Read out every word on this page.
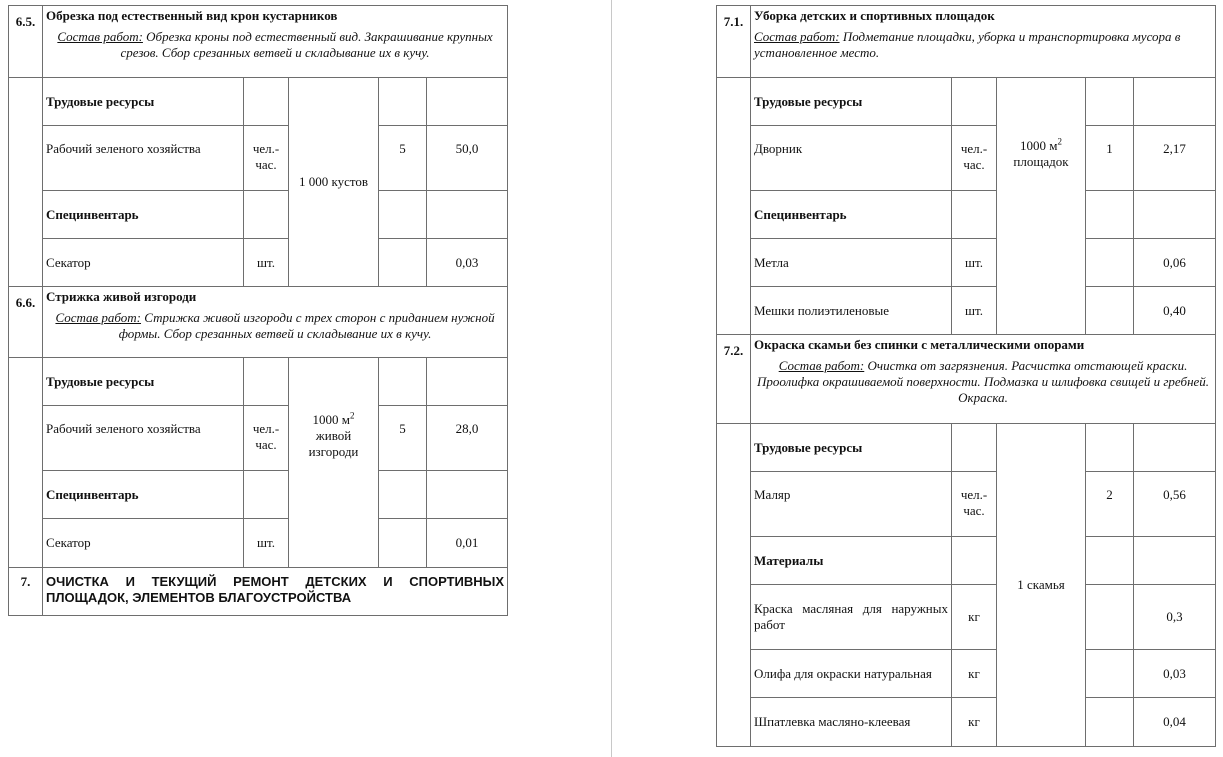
6.5.	Обрезка под естественный вид крон кустарников
Состав работ: Обрезка кроны под естественный вид. Закрашивание крупных срезов. Сбор срезанных ветвей и складывание их в кучу.				

	Трудовые ресурсы		1 000 кустов		
	Рабочий зеленого хозяйства	чел.-час.		5	50,0
	Специнвентарь				
	Секатор	шт.			0,03
6.6.	Стрижка живой изгороди
Состав работ: Стрижка живой изгороди с трех сторон с приданием нужной формы. Сбор срезанных ветвей и складывание их в кучу.				

	Трудовые ресурсы		1000 $м^2$
живой изгороди		
	Рабочий зеленого хозяйства	чел.-час.		5	28,0
	Специнвентарь				
	Секатор	шт.			0,01
7.	ОЧИСТКА И ТЕКУЩИЙ РЕМОНТ ДЕТСКИХ И СПОРТИВНЫХ ПЛОЩАДОК, ЭЛЕМЕНТОВ БЛАГОУСТРОЙСТВА				
7.1.	Уборка детских и спортивных площадок
Состав работ: Подметание площадки, уборка и транспортировка мусора в установленное место.				

	Трудовые ресурсы		1000 $м^2$
площадок		
	Дворник	чел.-час.		1	2,17
	Специнвентарь				
	Метла	шт.			0,06
	Мешки полиэтиленовые	шт.			0,40
7.2.	Окраска скамьи без спинки с металлическими опорами
Состав работ: Очистка от загрязнения. Расчистка отстающей краски. Проолифка окрашиваемой поверхности. Подмазка и шлифовка свищей и гребней. Окраска.				

	Трудовые ресурсы		1 скамья		
	Маляр	чел.-час.		2	0,56
	Материалы				
	Краска масляная для наружных работ	кг			0,3
	Олифа для окраски натуральная	кг			0,03
	Шпатлевка масляно-клеевая	кг			0,04
